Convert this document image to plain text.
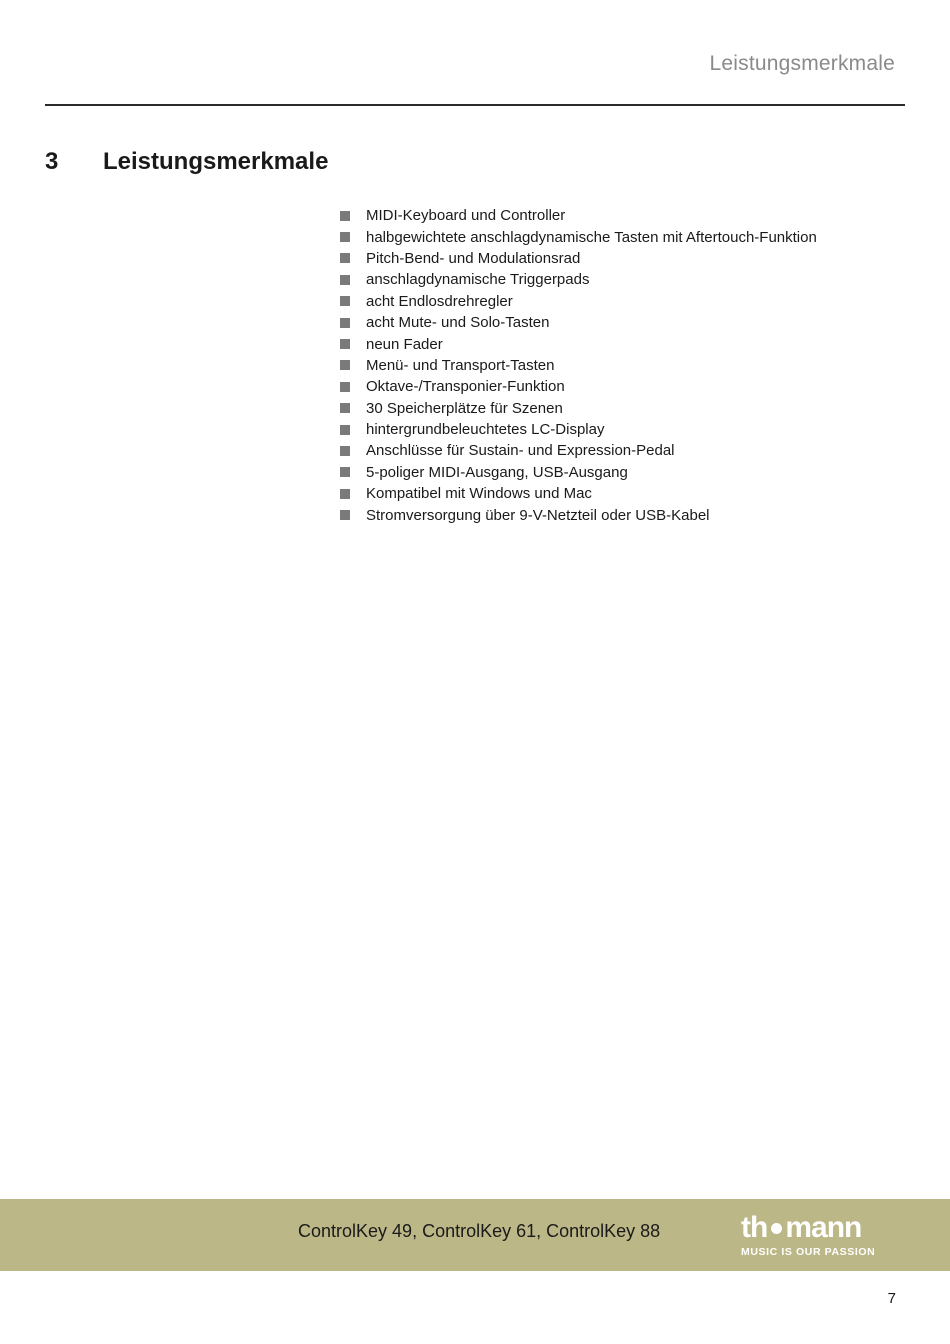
Leistungsmerkmale
3	Leistungsmerkmale
MIDI-Keyboard und Controller
halbgewichtete anschlagdynamische Tasten mit Aftertouch-Funktion
Pitch-Bend- und Modulationsrad
anschlagdynamische Triggerpads
acht Endlosdrehregler
acht Mute- und Solo-Tasten
neun Fader
Menü- und Transport-Tasten
Oktave-/Transponier-Funktion
30 Speicherplätze für Szenen
hintergrundbeleuchtetes LC-Display
Anschlüsse für Sustain- und Expression-Pedal
5-poliger MIDI-Ausgang, USB-Ausgang
Kompatibel mit Windows und Mac
Stromversorgung über 9-V-Netzteil oder USB-Kabel
ControlKey 49, ControlKey 61, ControlKey 88	th mann
MUSIC IS OUR PASSION
7
